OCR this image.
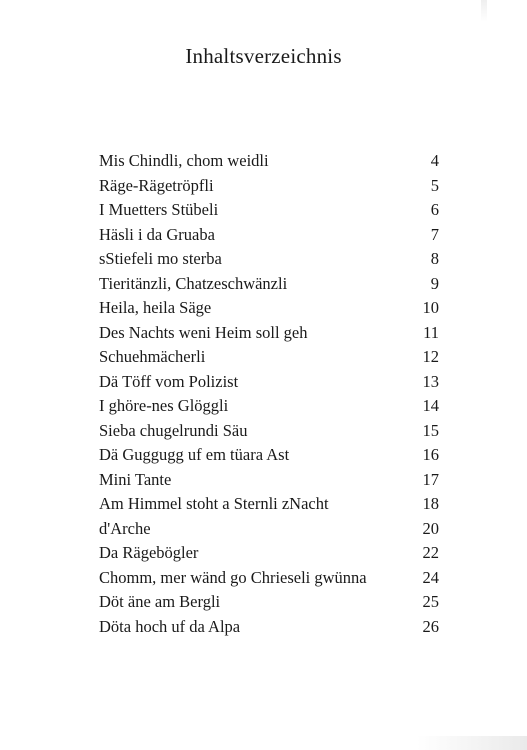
Inhaltsverzeichnis
Mis Chindli, chom weidli	4
Räge-Rägetröpfli	5
I Muetters Stübeli	6
Häsli i da Gruaba	7
sStiefeli mo sterba	8
Tieritänzli, Chatzeschwänzli	9
Heila, heila Säge	10
Des Nachts weni Heim soll geh	11
Schuehmächerli	12
Dä Töff vom Polizist	13
I ghöre-nes Glöggli	14
Sieba chugelrundi Säu	15
Dä Guggugg uf em tüara Ast	16
Mini Tante	17
Am Himmel stoht a Sternli zNacht	18
d'Arche	20
Da Rägebögler	22
Chomm, mer wänd go Chrieseli gwünna	24
Döt äne am Bergli	25
Döta hoch uf da Alpa	26
